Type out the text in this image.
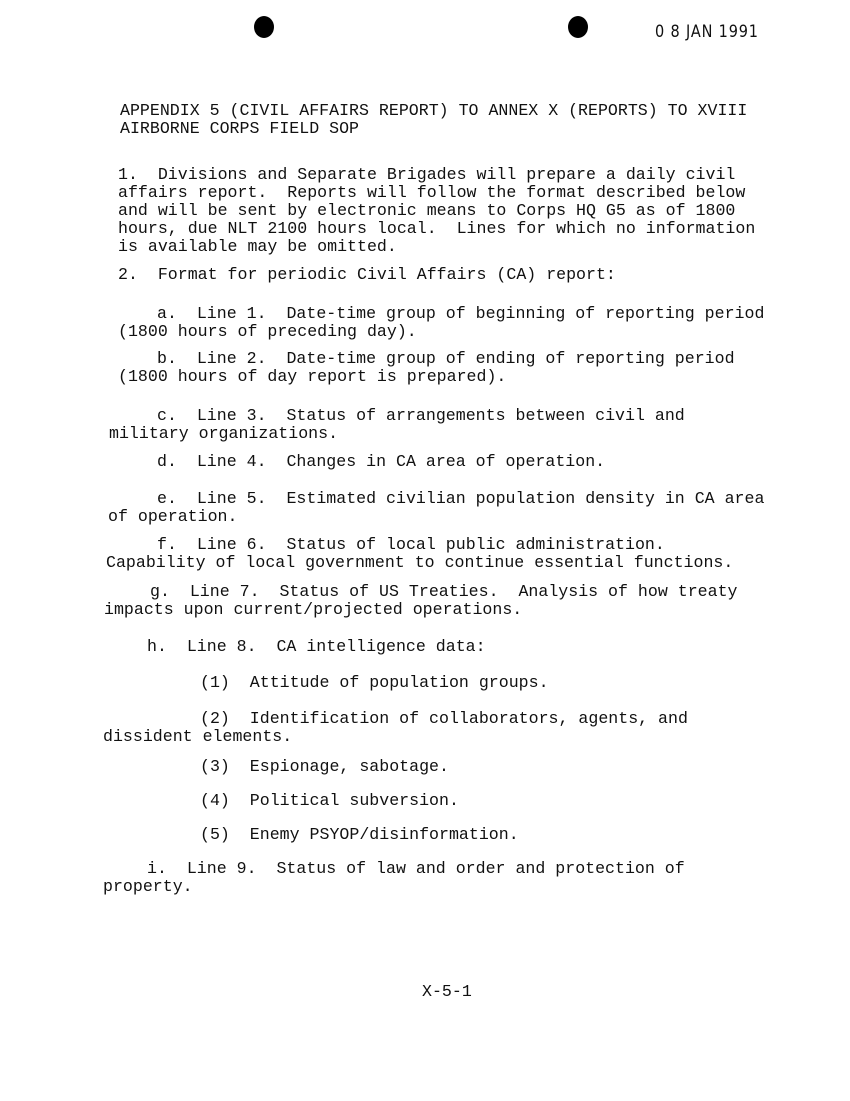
0 8 JAN 1991
APPENDIX 5 (CIVIL AFFAIRS REPORT) TO ANNEX X (REPORTS) TO XVIII
AIRBORNE CORPS FIELD SOP
1.  Divisions and Separate Brigades will prepare a daily civil
affairs report.  Reports will follow the format described below
and will be sent by electronic means to Corps HQ G5 as of 1800
hours, due NLT 2100 hours local.  Lines for which no information
is available may be omitted.
2.  Format for periodic Civil Affairs (CA) report:
a.  Line 1.  Date-time group of beginning of reporting period
(1800 hours of preceding day).
b.  Line 2.  Date-time group of ending of reporting period
(1800 hours of day report is prepared).
c.  Line 3.  Status of arrangements between civil and
military organizations.
d.  Line 4.  Changes in CA area of operation.
e.  Line 5.  Estimated civilian population density in CA area
of operation.
f.  Line 6.  Status of local public administration.
Capability of local government to continue essential functions.
g.  Line 7.  Status of US Treaties.  Analysis of how treaty
impacts upon current/projected operations.
h.  Line 8.  CA intelligence data:
(1)  Attitude of population groups.
(2)  Identification of collaborators, agents, and
dissident elements.
(3)  Espionage, sabotage.
(4)  Political subversion.
(5)  Enemy PSYOP/disinformation.
i.  Line 9.  Status of law and order and protection of
property.
X-5-1
